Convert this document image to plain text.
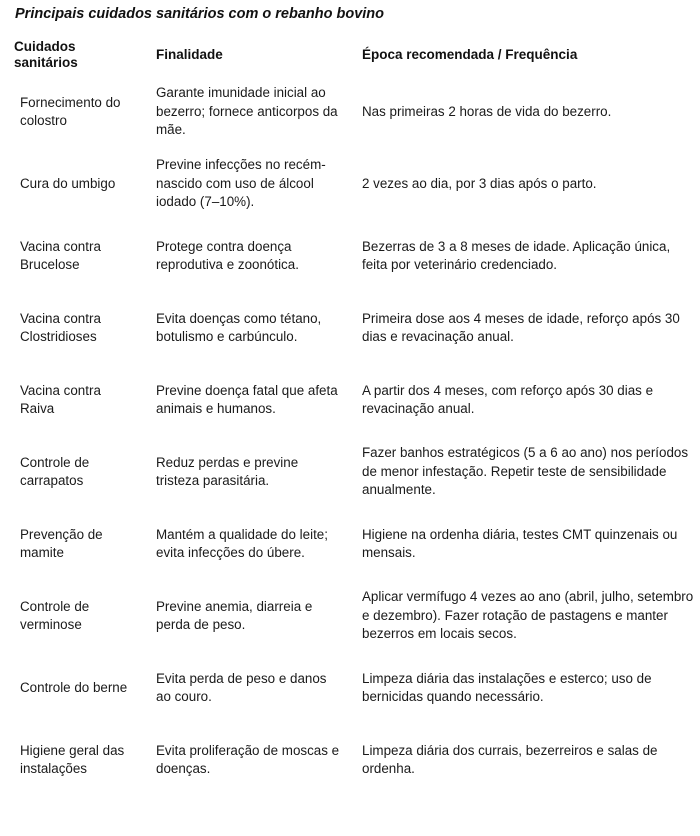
Principais cuidados sanitários com o rebanho bovino
Cuidados sanitários	Finalidade	Época recomendada / Frequência

Fornecimento do colostro	Garante imunidade inicial ao bezerro; fornece anticorpos da mãe.	Nas primeiras 2 horas de vida do bezerro.

Cura do umbigo	Previne infecções no recém-nascido com uso de álcool iodado (7–10%).	2 vezes ao dia, por 3 dias após o parto.

Vacina contra Brucelose	Protege contra doença reprodutiva e zoonótica.	Bezerras de 3 a 8 meses de idade. Aplicação única, feita por veterinário credenciado.

Vacina contra Clostridioses	Evita doenças como tétano, botulismo e carbúnculo.	Primeira dose aos 4 meses de idade, reforço após 30 dias e revacinação anual.

Vacina contra Raiva	Previne doença fatal que afeta animais e humanos.	A partir dos 4 meses, com reforço após 30 dias e revacinação anual.

Controle de carrapatos	Reduz perdas e previne tristeza parasitária.	Fazer banhos estratégicos (5 a 6 ao ano) nos períodos de menor infestação. Repetir teste de sensibilidade anualmente.

Prevenção de mamite	Mantém a qualidade do leite; evita infecções do úbere.	Higiene na ordenha diária, testes CMT quinzenais ou mensais.

Controle de verminose	Previne anemia, diarreia e perda de peso.	Aplicar vermífugo 4 vezes ao ano (abril, julho, setembro e dezembro). Fazer rotação de pastagens e manter bezerros em locais secos.

Controle do berne	Evita perda de peso e danos ao couro.	Limpeza diária das instalações e esterco; uso de bernicidas quando necessário.

Higiene geral das instalações	Evita proliferação de moscas e doenças.	Limpeza diária dos currais, bezerreiros e salas de ordenha.
